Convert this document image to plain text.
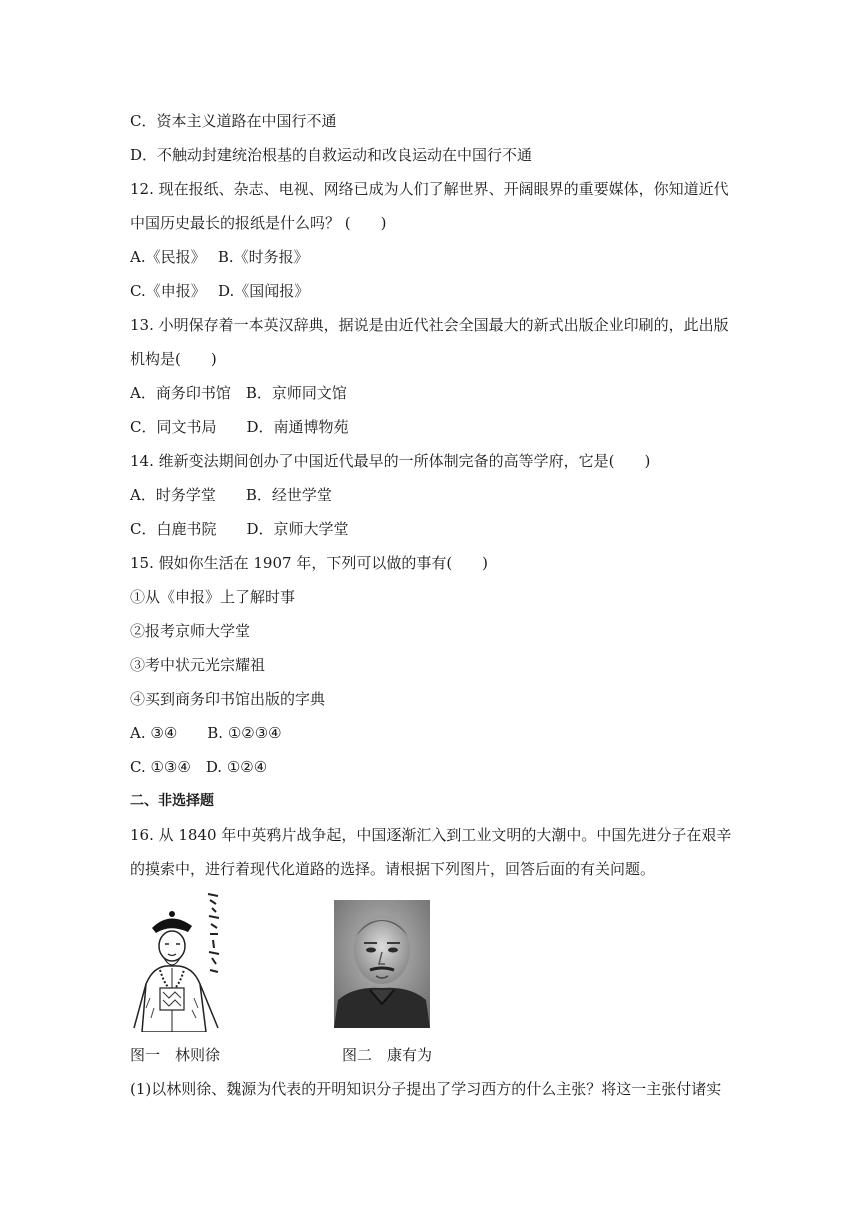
C．资本主义道路在中国行不通
D．不触动封建统治根基的自救运动和改良运动在中国行不通
12. 现在报纸、杂志、电视、网络已成为人们了解世界、开阔眼界的重要媒体，你知道近代
中国历史最长的报纸是什么吗？ (　　)
A.《民报》　 B.《时务报》
C.《申报》　 D.《国闻报》
13. 小明保存着一本英汉辞典，据说是由近代社会全国最大的新式出版企业印刷的，此出版
机构是(　　)
A．商务印书馆　B．京师同文馆
C．同文书局　　D．南通博物苑
14. 维新变法期间创办了中国近代最早的一所体制完备的高等学府，它是(　　)
A．时务学堂　　B．经世学堂
C．白鹿书院　　D．京师大学堂
15. 假如你生活在 1907 年，下列可以做的事有(　　)
①从《申报》上了解时事
②报考京师大学堂
③考中状元光宗耀祖
④买到商务印书馆出版的字典
A. ③④　　B. ①②③④
C. ①③④　D. ①②④
二、非选择题
16. 从 1840 年中英鸦片战争起，中国逐渐汇入到工业文明的大潮中。中国先进分子在艰辛
的摸索中，进行着现代化道路的选择。请根据下列图片，回答后面的有关问题。
图一　林则徐	图二　康有为
(1)以林则徐、魏源为代表的开明知识分子提出了学习西方的什么主张？将这一主张付诸实
